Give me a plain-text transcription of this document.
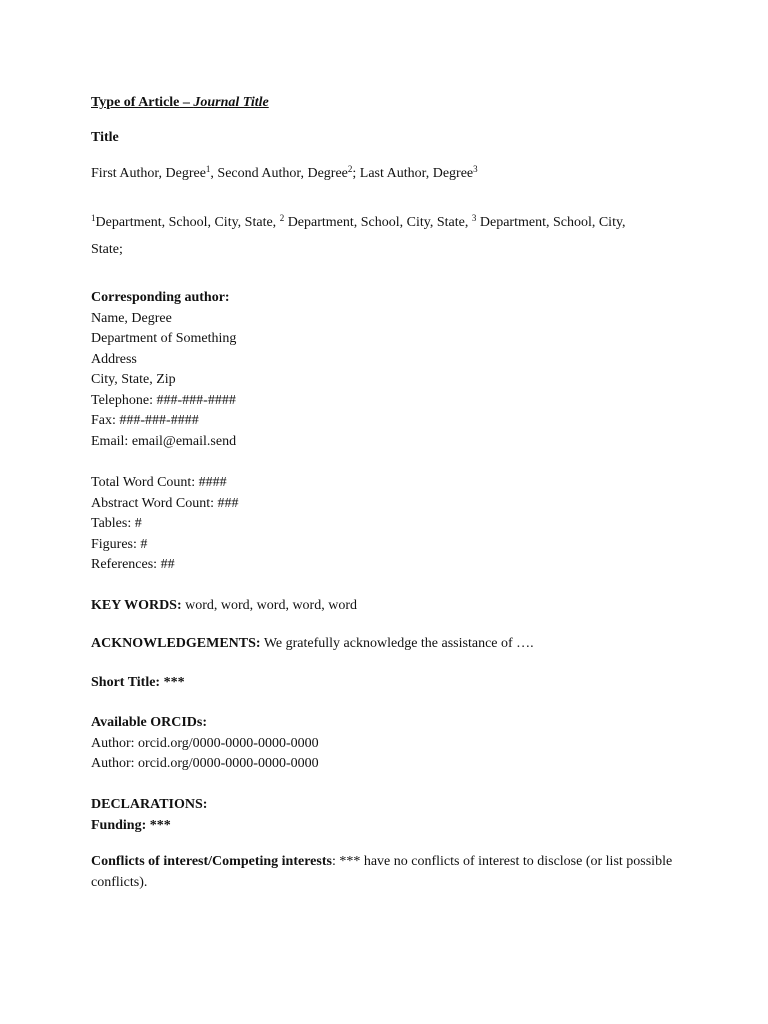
Type of Article – Journal Title
Title
First Author, Degree$^1$, Second Author, Degree$^2$; Last Author, Degree$^3$
$^1$Department, School, City, State, $^2$ Department, School, City, State, $^3$ Department, School, City,
State;
Corresponding author:
Name, Degree
Department of Something
Address
City, State, Zip
Telephone: ###-###-####
Fax: ###-###-####
Email: email@email.send
Total Word Count: ####
Abstract Word Count: ###
Tables: #
Figures: #
References: ##
KEY WORDS: word, word, word, word, word
ACKNOWLEDGEMENTS: We gratefully acknowledge the assistance of ….
Short Title: ***
Available ORCIDs:
Author: orcid.org/0000-0000-0000-0000
Author: orcid.org/0000-0000-0000-0000
DECLARATIONS:
Funding: ***
Conflicts of interest/Competing interests: *** have no conflicts of interest to disclose (or list possible conflicts).
